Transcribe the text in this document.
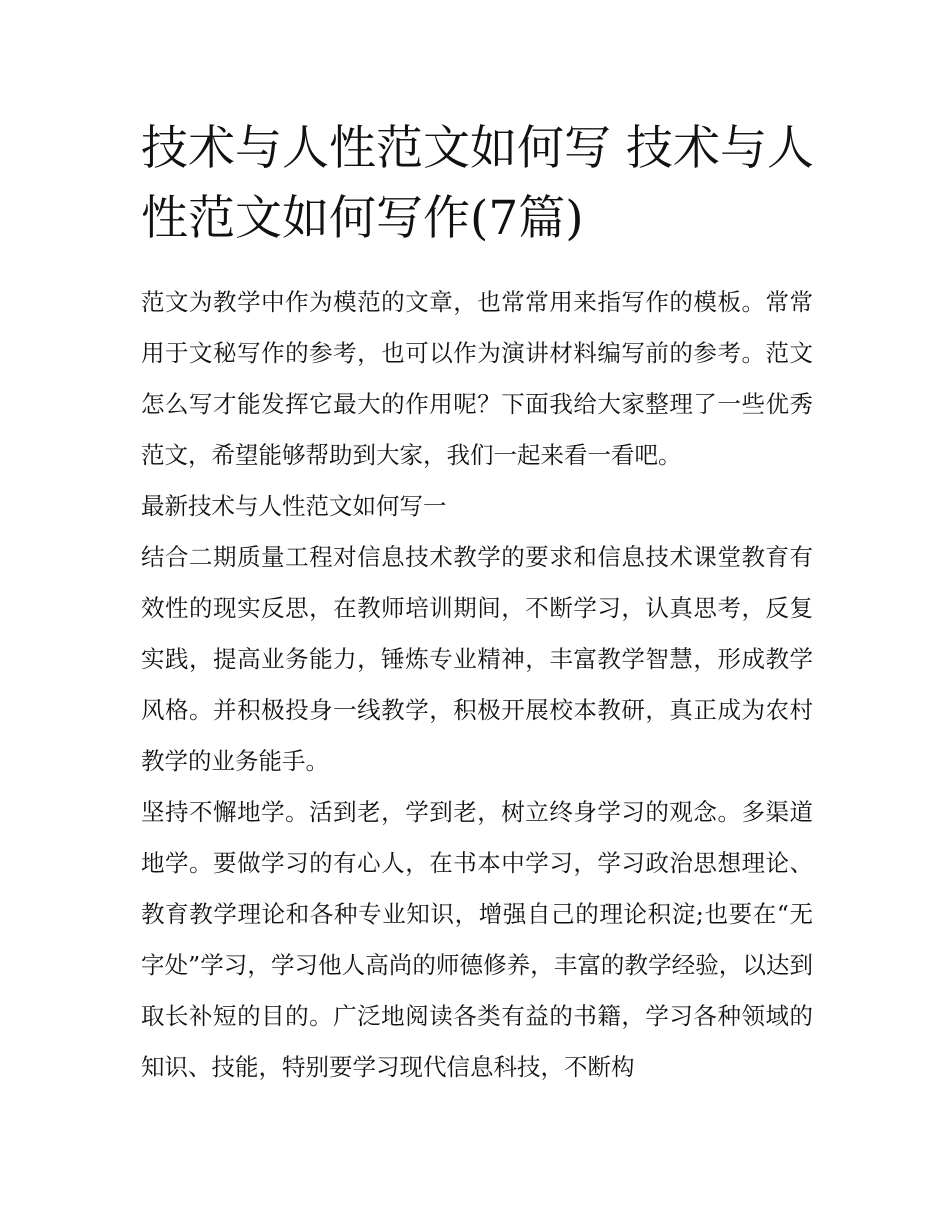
技术与人性范文如何写 技术与人性范文如何写作(7篇)

范文为教学中作为模范的文章，也常常用来指写作的模板。常常用于文秘写作的参考，也可以作为演讲材料编写前的参考。范文怎么写才能发挥它最大的作用呢？下面我给大家整理了一些优秀范文，希望能够帮助到大家，我们一起来看一看吧。

最新技术与人性范文如何写一

结合二期质量工程对信息技术教学的要求和信息技术课堂教育有效性的现实反思，在教师培训期间，不断学习，认真思考，反复实践，提高业务能力，锤炼专业精神，丰富教学智慧，形成教学风格。并积极投身一线教学，积极开展校本教研，真正成为农村教学的业务能手。

坚持不懈地学。活到老，学到老，树立终身学习的观念。多渠道地学。要做学习的有心人，在书本中学习，学习政治思想理论、教育教学理论和各种专业知识，增强自己的理论积淀;也要在“无字处”学习，学习他人高尚的师德修养，丰富的教学经验，以达到取长补短的目的。广泛地阅读各类有益的书籍，学习各种领域的知识、技能，特别要学习现代信息科技，不断构
